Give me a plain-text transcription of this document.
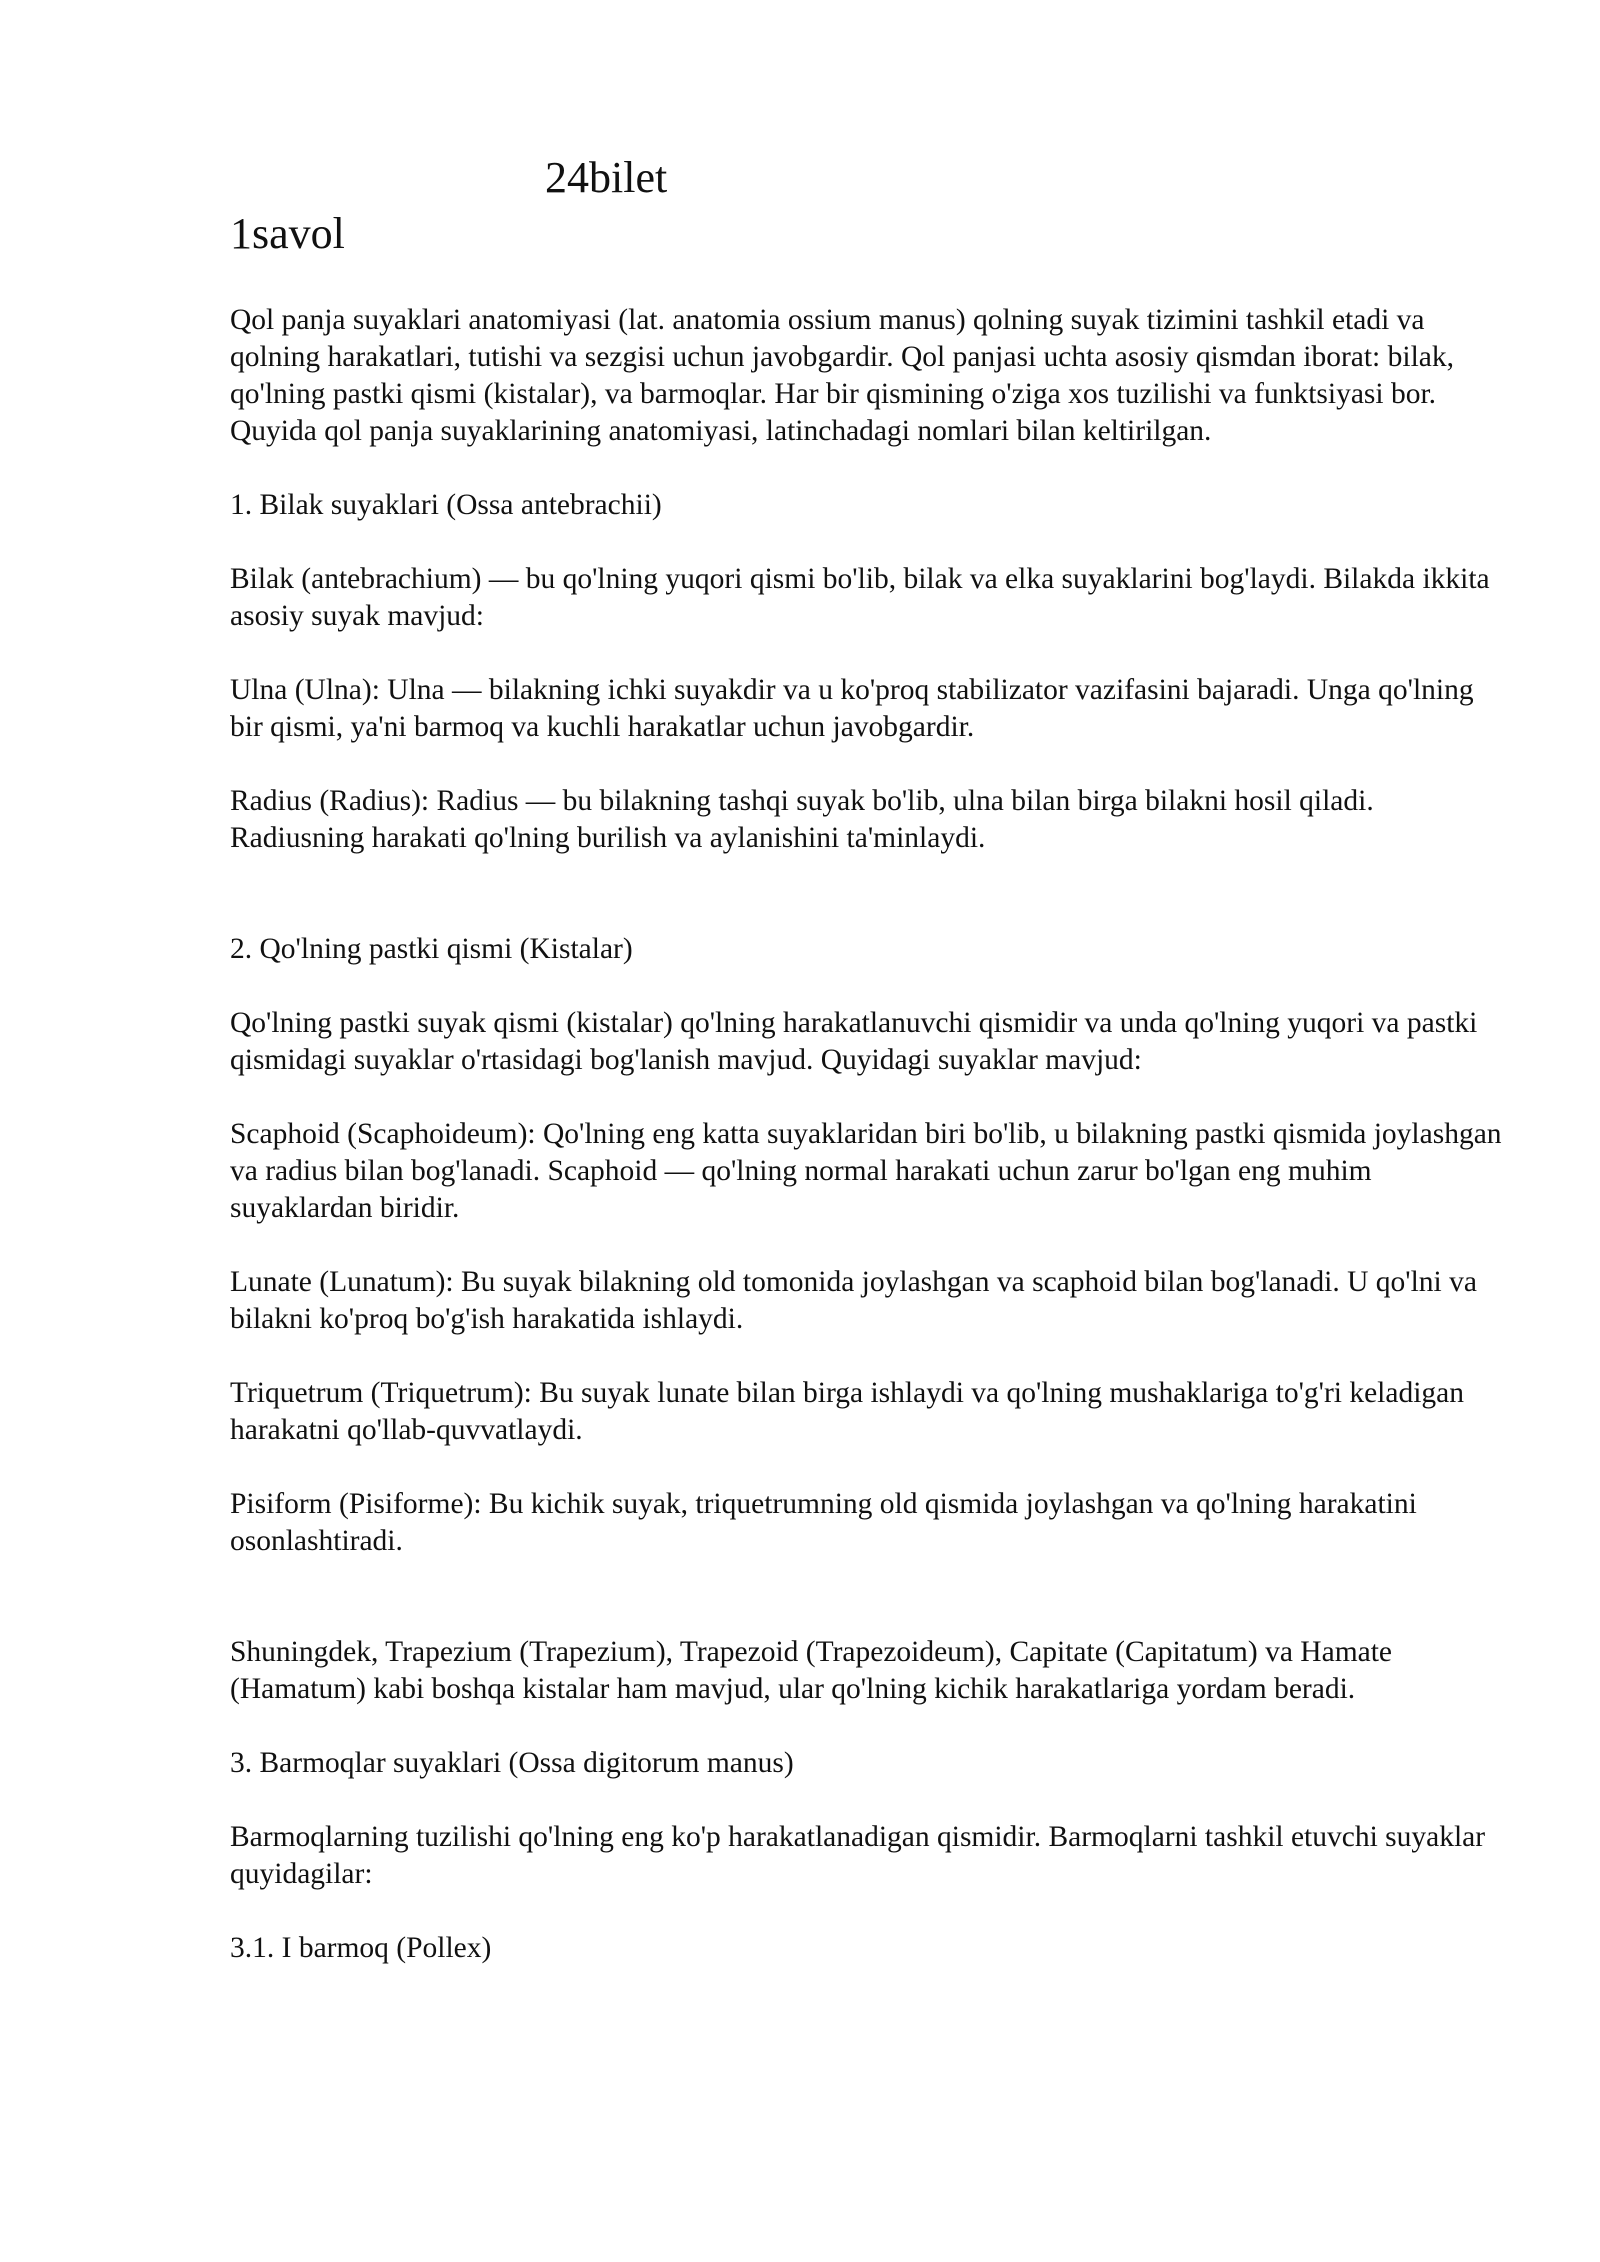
24bilet
1savol

Qol panja suyaklari anatomiyasi (lat. anatomia ossium manus) qolning suyak tizimini tashkil etadi va qolning harakatlari, tutishi va sezgisi uchun javobgardir. Qol panjasi uchta asosiy qismdan iborat: bilak, qo'lning pastki qismi (kistalar), va barmoqlar. Har bir qismining o'ziga xos tuzilishi va funktsiyasi bor. Quyida qol panja suyaklarining anatomiyasi, latinchadagi nomlari bilan keltirilgan.

1. Bilak suyaklari (Ossa antebrachii)

Bilak (antebrachium) — bu qo'lning yuqori qismi bo'lib, bilak va elka suyaklarini bog'laydi. Bilakda ikkita asosiy suyak mavjud:

Ulna (Ulna): Ulna — bilakning ichki suyakdir va u ko'proq stabilizator vazifasini bajaradi. Unga qo'lning bir qismi, ya'ni barmoq va kuchli harakatlar uchun javobgardir.

Radius (Radius): Radius — bu bilakning tashqi suyak bo'lib, ulna bilan birga bilakni hosil qiladi. Radiusning harakati qo'lning burilish va aylanishini ta'minlaydi.

2. Qo'lning pastki qismi (Kistalar)

Qo'lning pastki suyak qismi (kistalar) qo'lning harakatlanuvchi qismidir va unda qo'lning yuqori va pastki qismidagi suyaklar o'rtasidagi bog'lanish mavjud. Quyidagi suyaklar mavjud:

Scaphoid (Scaphoideum): Qo'lning eng katta suyaklaridan biri bo'lib, u bilakning pastki qismida joylashgan va radius bilan bog'lanadi. Scaphoid — qo'lning normal harakati uchun zarur bo'lgan eng muhim suyaklardan biridir.

Lunate (Lunatum): Bu suyak bilakning old tomonida joylashgan va scaphoid bilan bog'lanadi. U qo'lni va bilakni ko'proq bo'g'ish harakatida ishlaydi.

Triquetrum (Triquetrum): Bu suyak lunate bilan birga ishlaydi va qo'lning mushaklariga to'g'ri keladigan harakatni qo'llab-quvvatlaydi.

Pisiform (Pisiforme): Bu kichik suyak, triquetrumning old qismida joylashgan va qo'lning harakatini osonlashtiradi.

Shuningdek, Trapezium (Trapezium), Trapezoid (Trapezoideum), Capitate (Capitatum) va Hamate (Hamatum) kabi boshqa kistalar ham mavjud, ular qo'lning kichik harakatlariga yordam beradi.

3. Barmoqlar suyaklari (Ossa digitorum manus)

Barmoqlarning tuzilishi qo'lning eng ko'p harakatlanadigan qismidir. Barmoqlarni tashkil etuvchi suyaklar quyidagilar:

3.1. I barmoq (Pollex)
